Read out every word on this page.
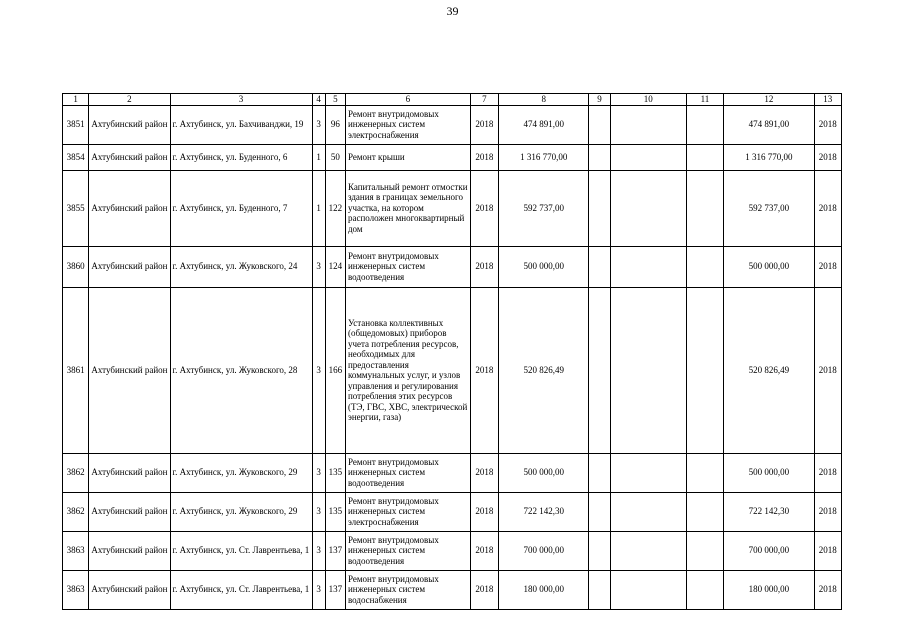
39
1	2	3	4	5	6	7	8	9	10	11	12	13
3851	Ахтубинский район	г. Ахтубинск, ул. Бахчиванджи, 19	3	96	Ремонт внутридомовых инженерных систем электроснабжения	2018	474 891,00				474 891,00	2018
3854	Ахтубинский район	г. Ахтубинск, ул. Буденного, 6	1	50	Ремонт крыши	2018	1 316 770,00				1 316 770,00	2018
3855	Ахтубинский район	г. Ахтубинск, ул. Буденного, 7	1	122	Капитальный ремонт отмостки здания в границах земельного участка, на котором расположен многоквартирный дом	2018	592 737,00				592 737,00	2018
3860	Ахтубинский район	г. Ахтубинск, ул. Жуковского, 24	3	124	Ремонт внутридомовых инженерных систем водоотведения	2018	500 000,00				500 000,00	2018
3861	Ахтубинский район	г. Ахтубинск, ул. Жуковского, 28	3	166	Установка коллективных (общедомовых) приборов учета потребления ресурсов, необходимых для предоставления коммунальных услуг, и узлов управления и регулирования потребления этих ресурсов (ТЭ, ГВС, ХВС, электрической энергии, газа)	2018	520 826,49				520 826,49	2018
3862	Ахтубинский район	г. Ахтубинск, ул. Жуковского, 29	3	135	Ремонт внутридомовых инженерных систем водоотведения	2018	500 000,00				500 000,00	2018
3862	Ахтубинский район	г. Ахтубинск, ул. Жуковского, 29	3	135	Ремонт внутридомовых инженерных систем электроснабжения	2018	722 142,30				722 142,30	2018
3863	Ахтубинский район	г. Ахтубинск, ул. Ст. Лаврентьева, 1	3	137	Ремонт внутридомовых инженерных систем водоотведения	2018	700 000,00				700 000,00	2018
3863	Ахтубинский район	г. Ахтубинск, ул. Ст. Лаврентьева, 1	3	137	Ремонт внутридомовых инженерных систем водоснабжения	2018	180 000,00				180 000,00	2018
